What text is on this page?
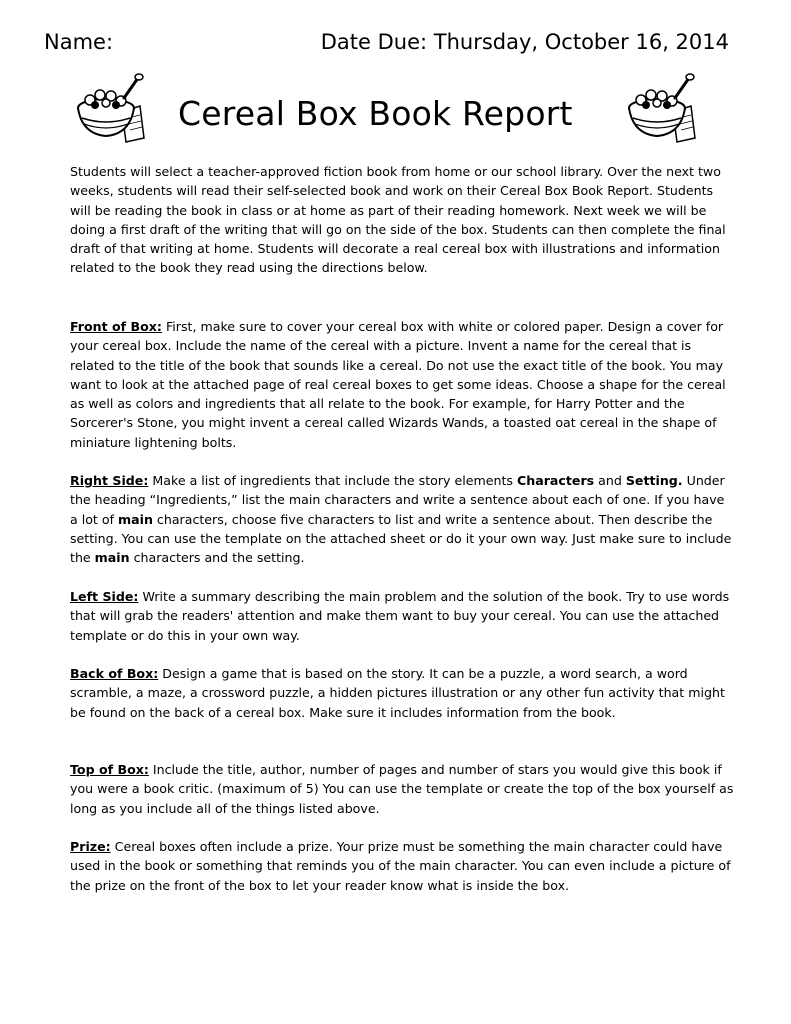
Name:	Date Due: Thursday, October 16, 2014
Cereal Box Book Report

Students will select a teacher-approved fiction book from home or our school library. Over the next two weeks, students will read their self-selected book and work on their Cereal Box Book Report. Students will be reading the book in class or at home as part of their reading homework. Next week we will be doing a first draft of the writing that will go on the side of the box. Students can then complete the final draft of that writing at home. Students will decorate a real cereal box with illustrations and information related to the book they read using the directions below.

Front of Box: First, make sure to cover your cereal box with white or colored paper. Design a cover for your cereal box. Include the name of the cereal with a picture. Invent a name for the cereal that is related to the title of the book that sounds like a cereal. Do not use the exact title of the book. You may want to look at the attached page of real cereal boxes to get some ideas. Choose a shape for the cereal as well as colors and ingredients that all relate to the book. For example, for Harry Potter and the Sorcerer's Stone, you might invent a cereal called Wizards Wands, a toasted oat cereal in the shape of miniature lightening bolts.

Right Side: Make a list of ingredients that include the story elements Characters and Setting. Under the heading “Ingredients,” list the main characters and write a sentence about each of one. If you have a lot of main characters, choose five characters to list and write a sentence about. Then describe the setting. You can use the template on the attached sheet or do it your own way. Just make sure to include the main characters and the setting.

Left Side: Write a summary describing the main problem and the solution of the book. Try to use words that will grab the readers' attention and make them want to buy your cereal. You can use the attached template or do this in your own way.

Back of Box: Design a game that is based on the story. It can be a puzzle, a word search, a word scramble, a maze, a crossword puzzle, a hidden pictures illustration or any other fun activity that might be found on the back of a cereal box. Make sure it includes information from the book.

Top of Box: Include the title, author, number of pages and number of stars you would give this book if you were a book critic. (maximum of 5) You can use the template or create the top of the box yourself as long as you include all of the things listed above.

Prize: Cereal boxes often include a prize. Your prize must be something the main character could have used in the book or something that reminds you of the main character. You can even include a picture of the prize on the front of the box to let your reader know what is inside the box.
